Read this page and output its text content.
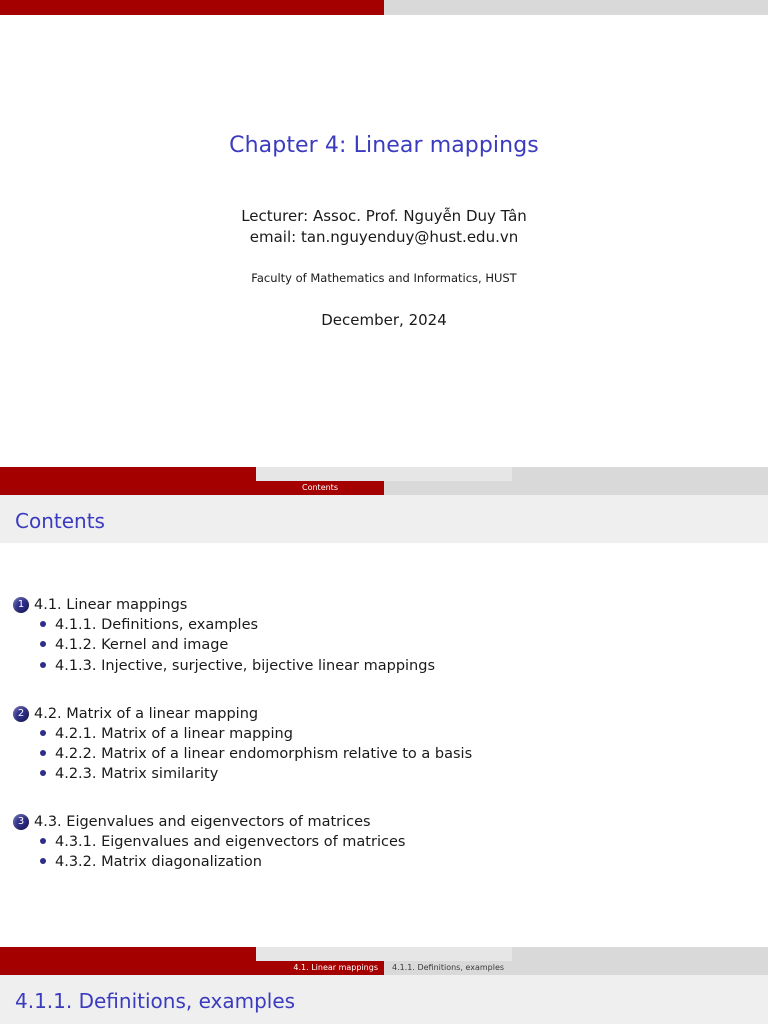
Chapter 4: Linear mappings
Lecturer: Assoc. Prof. Nguyễn Duy Tân
email: tan.nguyenduy@hust.edu.vn
Faculty of Mathematics and Informatics, HUST
December, 2024
Contents
Contents
1 4.1. Linear mappings
4.1.1. Definitions, examples
4.1.2. Kernel and image
4.1.3. Injective, surjective, bijective linear mappings
2 4.2. Matrix of a linear mapping
4.2.1. Matrix of a linear mapping
4.2.2. Matrix of a linear endomorphism relative to a basis
4.2.3. Matrix similarity
3 4.3. Eigenvalues and eigenvectors of matrices
4.3.1. Eigenvalues and eigenvectors of matrices
4.3.2. Matrix diagonalization
4.1. Linear mappings	4.1.1. Definitions, examples
4.1.1. Definitions, examples
